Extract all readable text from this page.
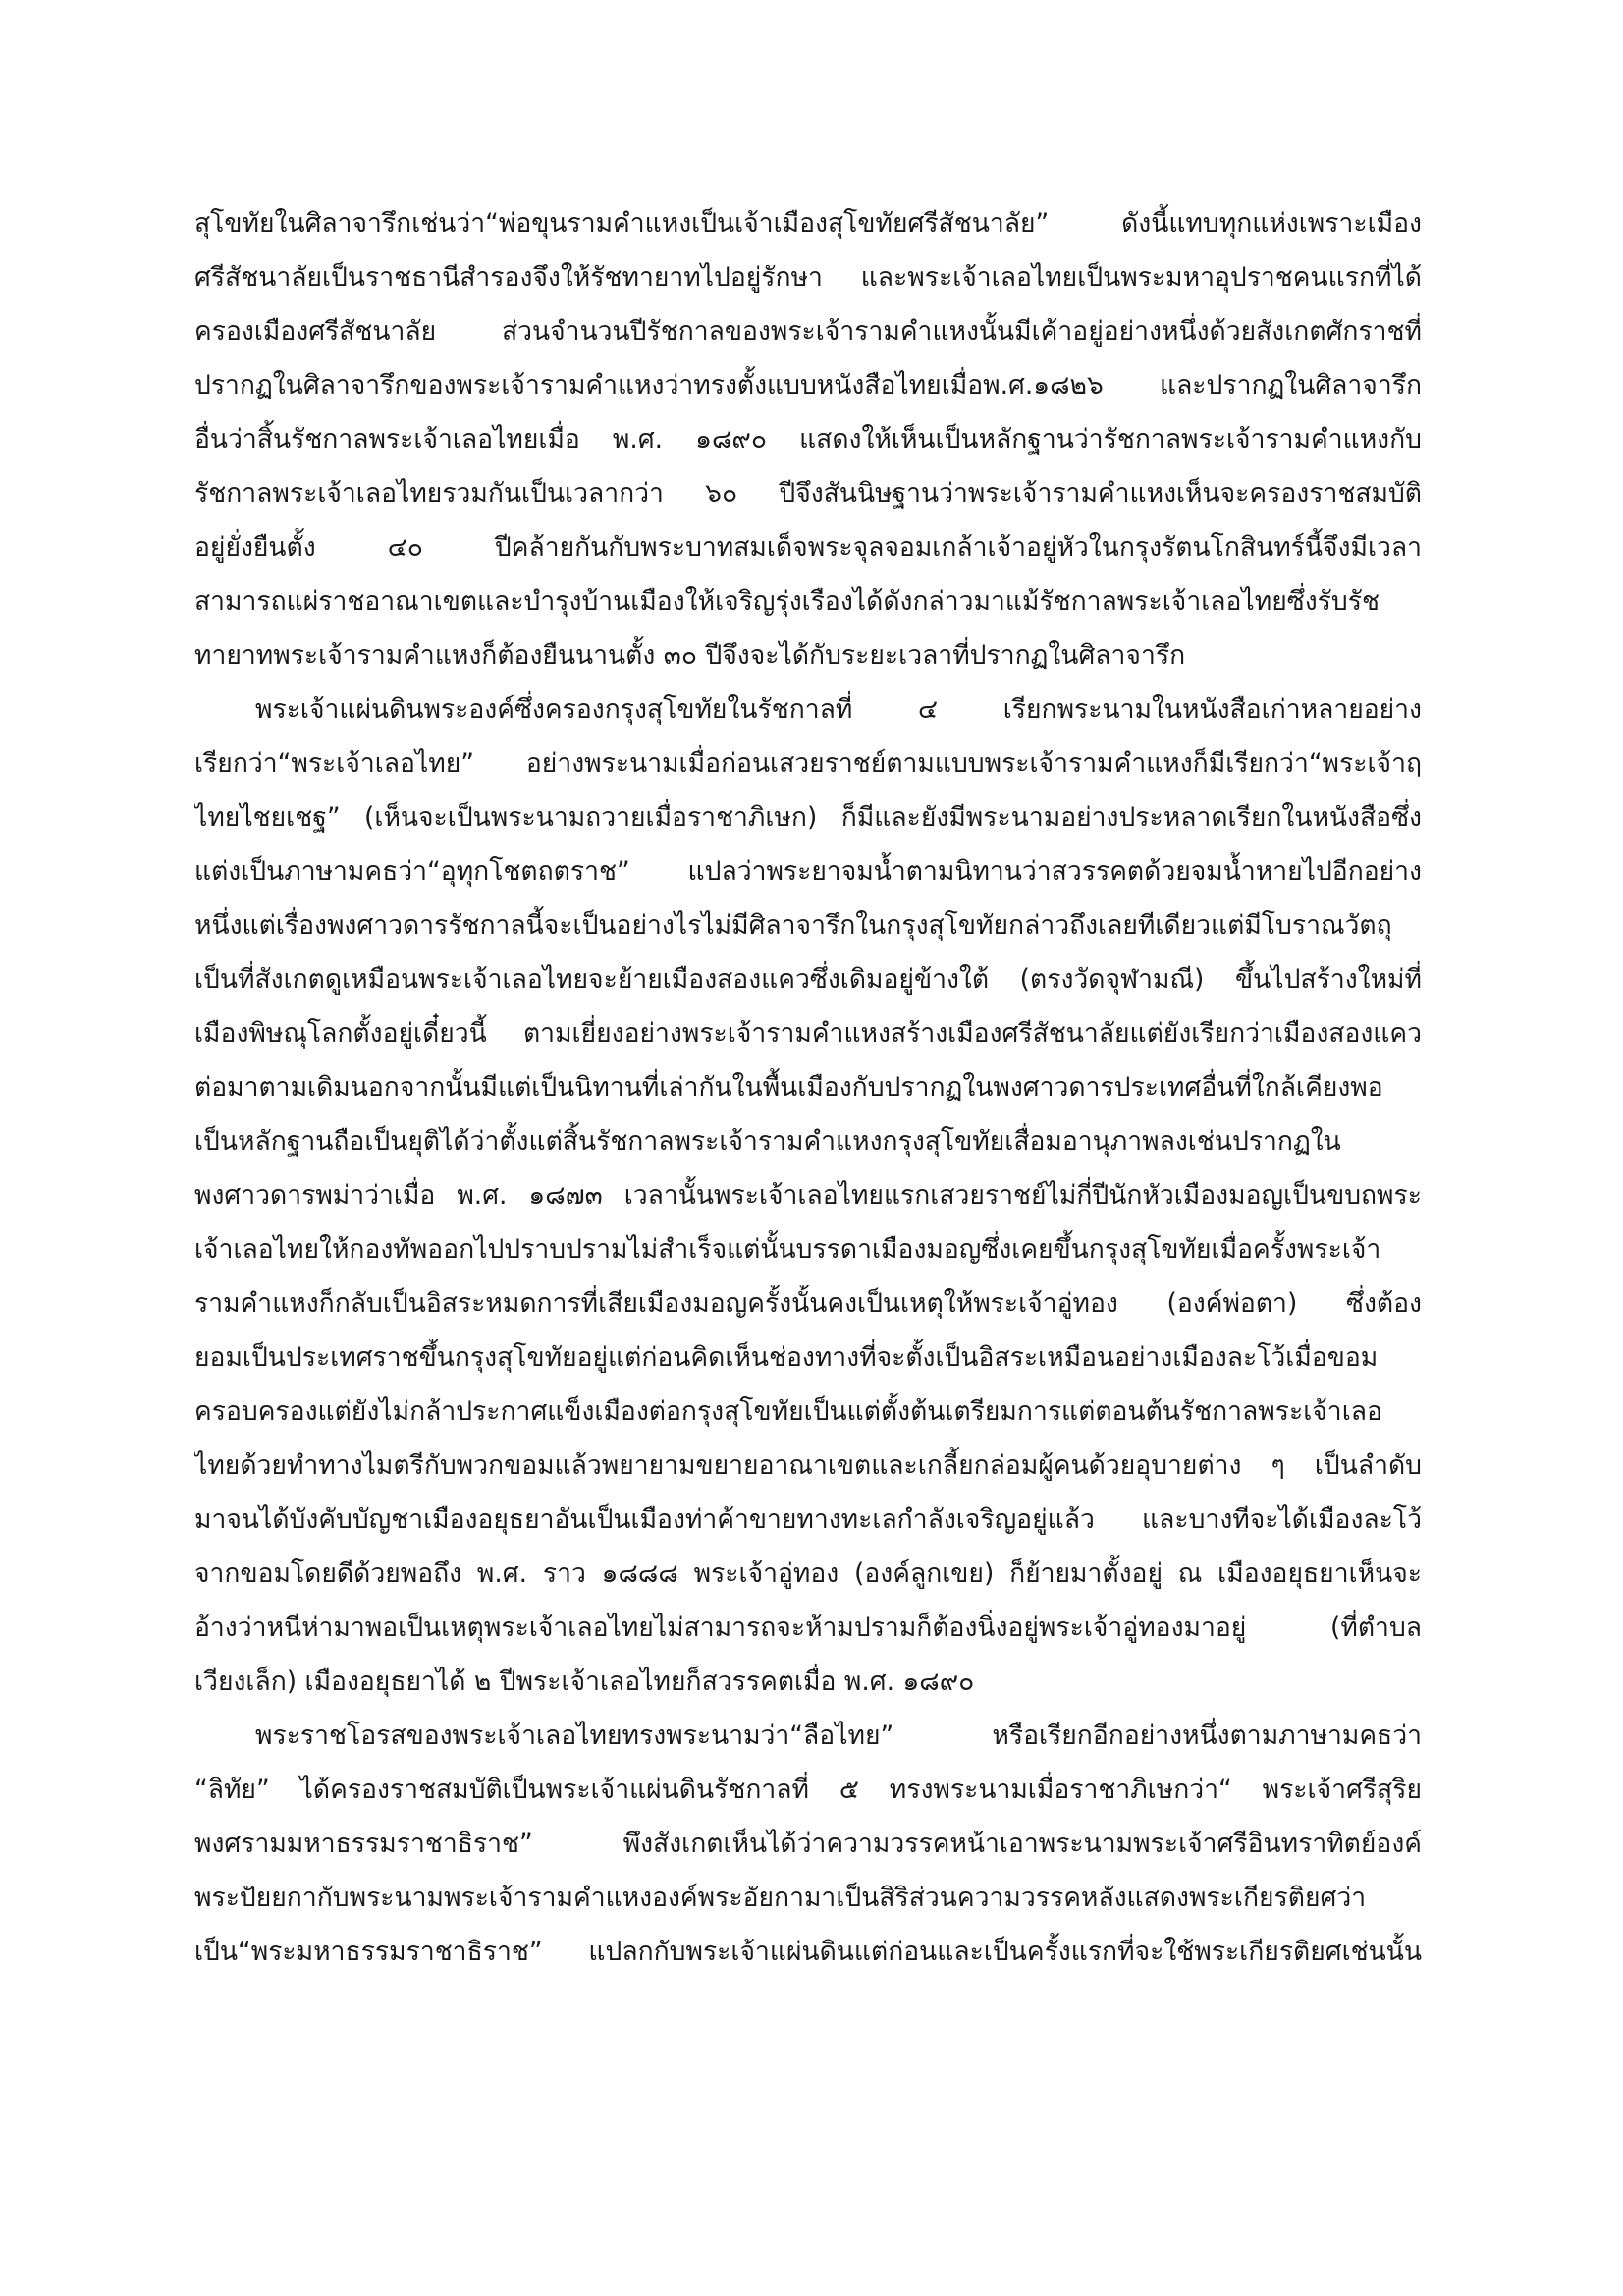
สุโขทัยในศิลาจารึกเช่นว่า“พ่อขุนรามคำแหงเป็นเจ้าเมืองสุโขทัยศรีสัชนาลัย” ดังนี้แทบทุกแห่งเพราะเมือง
ศรีสัชนาลัยเป็นราชธานีสำรองจึงให้รัชทายาทไปอยู่รักษา และพระเจ้าเลอไทยเป็นพระมหาอุปราชคนแรกที่ได้
ครองเมืองศรีสัชนาลัย ส่วนจำนวนปีรัชกาลของพระเจ้ารามคำแหงนั้นมีเค้าอยู่อย่างหนึ่งด้วยสังเกตศักราชที่
ปรากฏในศิลาจารึกของพระเจ้ารามคำแหงว่าทรงตั้งแบบหนังสือไทยเมื่อพ.ศ.๑๘๒๖ และปรากฏในศิลาจารึก
อื่นว่าสิ้นรัชกาลพระเจ้าเลอไทยเมื่อ พ.ศ. ๑๘๙๐ แสดงให้เห็นเป็นหลักฐานว่ารัชกาลพระเจ้ารามคำแหงกับ
รัชกาลพระเจ้าเลอไทยรวมกันเป็นเวลากว่า ๖๐ ปีจึงสันนิษฐานว่าพระเจ้ารามคำแหงเห็นจะครองราชสมบัติ
อยู่ยั่งยืนตั้ง ๔๐ ปีคล้ายกันกับพระบาทสมเด็จพระจุลจอมเกล้าเจ้าอยู่หัวในกรุงรัตนโกสินทร์นี้จึงมีเวลา
สามารถแผ่ราชอาณาเขตและบำรุงบ้านเมืองให้เจริญรุ่งเรืองได้ดังกล่าวมาแม้รัชกาลพระเจ้าเลอไทยซึ่งรับรัช
ทายาทพระเจ้ารามคำแหงก็ต้องยืนนานตั้ง ๓๐ ปีจึงจะได้กับระยะเวลาที่ปรากฏในศิลาจารึก
พระเจ้าแผ่นดินพระองค์ซึ่งครองกรุงสุโขทัยในรัชกาลที่ ๔ เรียกพระนามในหนังสือเก่าหลายอย่าง
เรียกว่า“พระเจ้าเลอไทย” อย่างพระนามเมื่อก่อนเสวยราชย์ตามแบบพระเจ้ารามคำแหงก็มีเรียกว่า“พระเจ้าฤ
ไทยไชยเชฐ” (เห็นจะเป็นพระนามถวายเมื่อราชาภิเษก) ก็มีและยังมีพระนามอย่างประหลาดเรียกในหนังสือซึ่ง
แต่งเป็นภาษามคธว่า“อุทุกโชตถตราช” แปลว่าพระยาจมน้ำตามนิทานว่าสวรรคตด้วยจมน้ำหายไปอีกอย่าง
หนึ่งแต่เรื่องพงศาวดารรัชกาลนี้จะเป็นอย่างไรไม่มีศิลาจารึกในกรุงสุโขทัยกล่าวถึงเลยทีเดียวแต่มีโบราณวัตถุ
เป็นที่สังเกตดูเหมือนพระเจ้าเลอไทยจะย้ายเมืองสองแควซึ่งเดิมอยู่ข้างใต้ (ตรงวัดจุฬามณี) ขึ้นไปสร้างใหม่ที่
เมืองพิษณุโลกตั้งอยู่เดี๋ยวนี้ ตามเยี่ยงอย่างพระเจ้ารามคำแหงสร้างเมืองศรีสัชนาลัยแต่ยังเรียกว่าเมืองสองแคว
ต่อมาตามเดิมนอกจากนั้นมีแต่เป็นนิทานที่เล่ากันในพื้นเมืองกับปรากฏในพงศาวดารประเทศอื่นที่ใกล้เคียงพอ
เป็นหลักฐานถือเป็นยุติได้ว่าตั้งแต่สิ้นรัชกาลพระเจ้ารามคำแหงกรุงสุโขทัยเสื่อมอานุภาพลงเช่นปรากฏใน
พงศาวดารพม่าว่าเมื่อ พ.ศ. ๑๘๗๓ เวลานั้นพระเจ้าเลอไทยแรกเสวยราชย์ไม่กี่ปีนักหัวเมืองมอญเป็นขบถพระ
เจ้าเลอไทยให้กองทัพออกไปปราบปรามไม่สำเร็จแต่นั้นบรรดาเมืองมอญซึ่งเคยขึ้นกรุงสุโขทัยเมื่อครั้งพระเจ้า
รามคำแหงก็กลับเป็นอิสระหมดการที่เสียเมืองมอญครั้งนั้นคงเป็นเหตุให้พระเจ้าอู่ทอง (องค์พ่อตา) ซึ่งต้อง
ยอมเป็นประเทศราชขึ้นกรุงสุโขทัยอยู่แต่ก่อนคิดเห็นช่องทางที่จะตั้งเป็นอิสระเหมือนอย่างเมืองละโว้เมื่อขอม
ครอบครองแต่ยังไม่กล้าประกาศแข็งเมืองต่อกรุงสุโขทัยเป็นแต่ตั้งต้นเตรียมการแต่ตอนต้นรัชกาลพระเจ้าเลอ
ไทยด้วยทำทางไมตรีกับพวกขอมแล้วพยายามขยายอาณาเขตและเกลี้ยกล่อมผู้คนด้วยอุบายต่าง ๆ เป็นลำดับ
มาจนได้บังคับบัญชาเมืองอยุธยาอันเป็นเมืองท่าค้าขายทางทะเลกำลังเจริญอยู่แล้ว และบางทีจะได้เมืองละโว้
จากขอมโดยดีด้วยพอถึง พ.ศ. ราว ๑๘๘๘ พระเจ้าอู่ทอง (องค์ลูกเขย) ก็ย้ายมาตั้งอยู่ ณ เมืองอยุธยาเห็นจะ
อ้างว่าหนีห่ามาพอเป็นเหตุพระเจ้าเลอไทยไม่สามารถจะห้ามปรามก็ต้องนิ่งอยู่พระเจ้าอู่ทองมาอยู่ (ที่ตำบล
เวียงเล็ก) เมืองอยุธยาได้ ๒ ปีพระเจ้าเลอไทยก็สวรรคตเมื่อ พ.ศ. ๑๘๙๐
พระราชโอรสของพระเจ้าเลอไทยทรงพระนามว่า“ลือไทย” หรือเรียกอีกอย่างหนึ่งตามภาษามคธว่า
“ลิทัย” ได้ครองราชสมบัติเป็นพระเจ้าแผ่นดินรัชกาลที่ ๕ ทรงพระนามเมื่อราชาภิเษกว่า“ พระเจ้าศรีสุริย
พงศรามมหาธรรมราชาธิราช” พึงสังเกตเห็นได้ว่าความวรรคหน้าเอาพระนามพระเจ้าศรีอินทราทิตย์องค์
พระปัยยกากับพระนามพระเจ้ารามคำแหงองค์พระอัยกามาเป็นสิริส่วนความวรรคหลังแสดงพระเกียรติยศว่า
เป็น“พระมหาธรรมราชาธิราช” แปลกกับพระเจ้าแผ่นดินแต่ก่อนและเป็นครั้งแรกที่จะใช้พระเกียรติยศเช่นนั้น
